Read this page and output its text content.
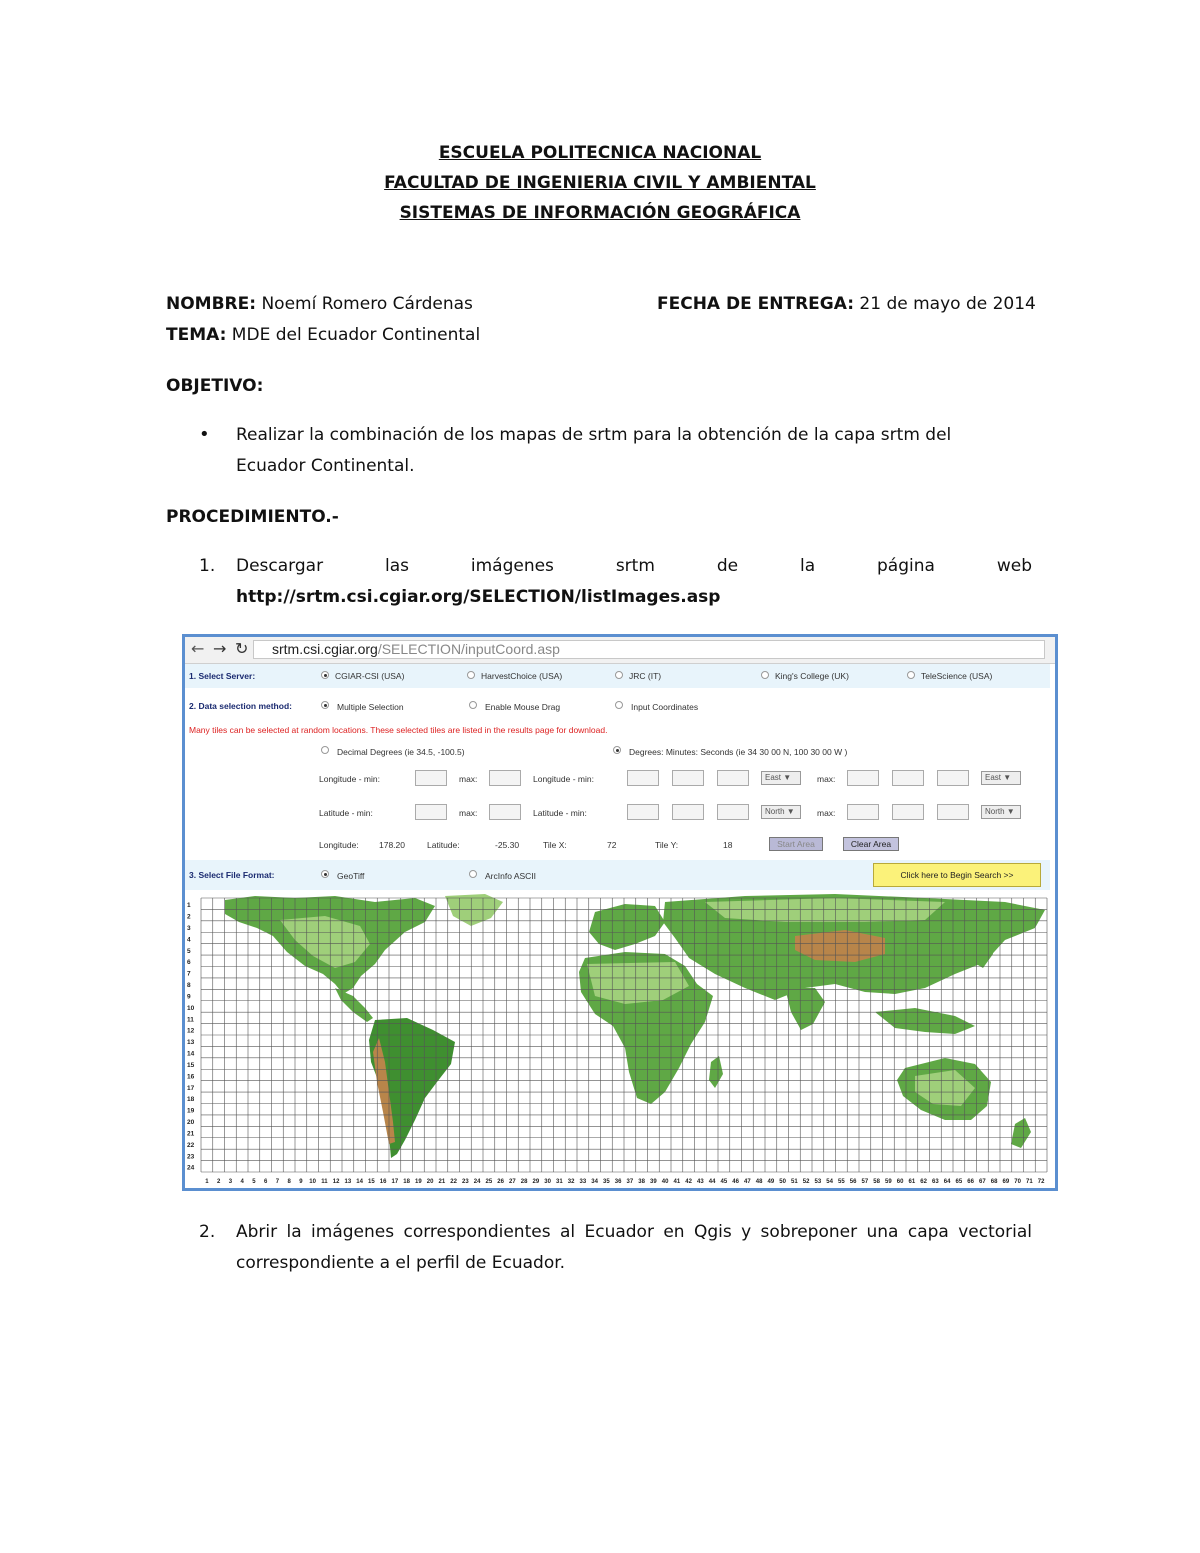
ESCUELA POLITECNICA NACIONAL
FACULTAD DE INGENIERIA CIVIL Y AMBIENTAL
SISTEMAS DE INFORMACIÓN GEOGRÁFICA
NOMBRE: Noemí Romero Cárdenas	FECHA DE ENTREGA: 21 de mayo de 2014
TEMA: MDE del Ecuador Continental
OBJETIVO:
• Realizar la combinación de los mapas de srtm para la obtención de la capa srtm del
Ecuador Continental.
PROCEDIMIENTO.-
1. Descargar	las	imágenes	srtm	de	la	página	web
http://srtm.csi.cgiar.org/SELECTION/listImages.asp
← → ↻	srtm.csi.cgiar.org/SELECTION/inputCoord.asp
1. Select Server:	CGIAR-CSI (USA)	HarvestChoice (USA)	JRC (IT)	King's College (UK)	TeleScience (USA)
2. Data selection method:	Multiple Selection	Enable Mouse Drag	Input Coordinates
Many tiles can be selected at random locations. These selected tiles are listed in the results page for download.
Decimal Degrees (ie 34.5, -100.5)	Degrees: Minutes: Seconds (ie 34 30 00 N, 100 30 00 W )
Longitude - min:	max:	Longitude - min:	East ▼	max:	East ▼
Latitude - min:	max:	Latitude - min:	North ▼	max:	North ▼
Longitude: 178.20	Latitude:	-25.30	Tile X:	72	Tile Y:	18	Start Area	Clear Area
3. Select File Format:	GeoTiff	ArcInfo ASCII	Click here to Begin Search >>
1
2
3
4
5
6
7
8
9
10
11
12
13
14
15
16
17
18
19
20
21
22
23
24
1 2 3 4 5 6 7 8 9 10 11 12 13 14 15 16 17 18 19 20 21 22 23 24 25 26 27 28 29 30 31 32 33 34 35 36 37 38 39 40 41 42 43 44 45 46 47 48 49 50 51 52 53 54 55 56 57 58 59 60 61 62 63 64 65 66 67 68 69 70 71 72
2. Abrir la imágenes correspondientes al Ecuador en Qgis y sobreponer una capa vectorial
correspondiente a el perfil de Ecuador.
